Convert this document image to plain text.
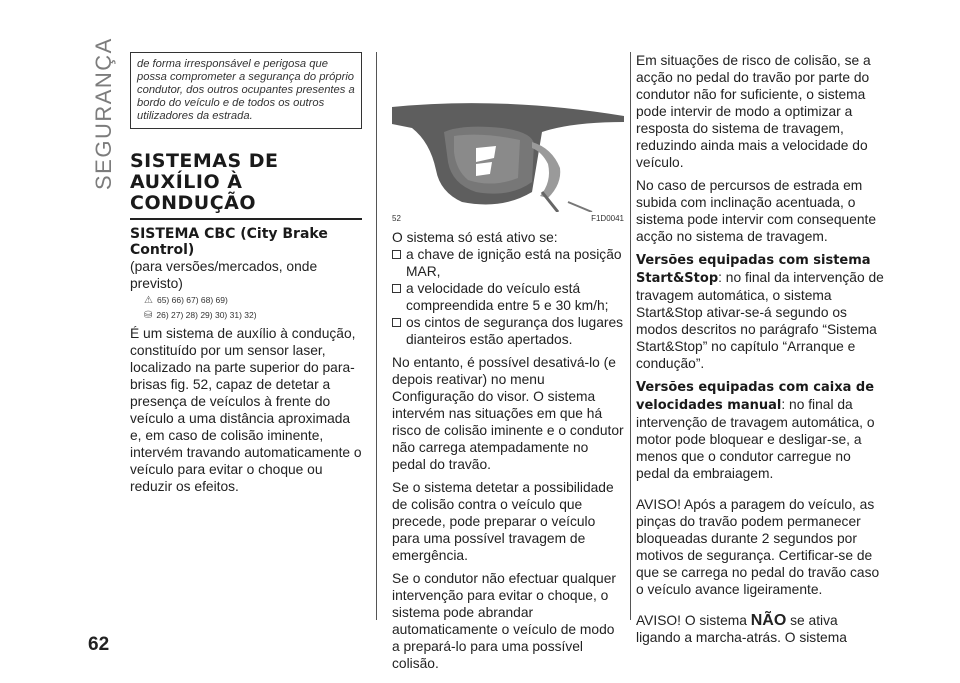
SEGURANÇA
62
de forma irresponsável e perigosa que possa comprometer a segurança do próprio condutor, dos outros ocupantes presentes a bordo do veículo e de todos os outros utilizadores da estrada.
SISTEMAS DE AUXÍLIO À CONDUÇÃO
SISTEMA CBC (City Brake Control)

(para versões/mercados, onde previsto)

⚠ 65) 66) 67) 68) 69)
⛁ 26) 27) 28) 29) 30) 31) 32)

É um sistema de auxílio à condução, constituído por um sensor laser, localizado na parte superior do para-brisas fig. 52, capaz de detetar a presença de veículos à frente do veículo a uma distância aproximada e, em caso de colisão iminente, intervém travando automaticamente o veículo para evitar o choque ou reduzir os efeitos.

52	F1D0041

O sistema só está ativo se:

a chave de ignição está na posição MAR,
a velocidade do veículo está compreendida entre 5 e 30 km/h;
os cintos de segurança dos lugares dianteiros estão apertados.

No entanto, é possível desativá-lo (e depois reativar) no menu Configuração do visor. O sistema intervém nas situações em que há risco de colisão iminente e o condutor não carrega atempadamente no pedal do travão.

Se o sistema detetar a possibilidade de colisão contra o veículo que precede, pode preparar o veículo para uma possível travagem de emergência.

Se o condutor não efectuar qualquer intervenção para evitar o choque, o sistema pode abrandar automaticamente o veículo de modo a prepará-lo para uma possível colisão.

Em situações de risco de colisão, se a acção no pedal do travão por parte do condutor não for suficiente, o sistema pode intervir de modo a optimizar a resposta do sistema de travagem, reduzindo ainda mais a velocidade do veículo.

No caso de percursos de estrada em subida com inclinação acentuada, o sistema pode intervir com consequente acção no sistema de travagem.

Versões equipadas com sistema Start&Stop: no final da intervenção de travagem automática, o sistema Start&Stop ativar-se-á segundo os modos descritos no parágrafo “Sistema Start&Stop” no capítulo “Arranque e condução”.

Versões equipadas com caixa de velocidades manual: no final da intervenção de travagem automática, o motor pode bloquear e desligar-se, a menos que o condutor carregue no pedal da embraiagem.

AVISO! Após a paragem do veículo, as pinças do travão podem permanecer bloqueadas durante 2 segundos por motivos de segurança. Certificar-se de que se carrega no pedal do travão caso o veículo avance ligeiramente.

AVISO! O sistema NÃO se ativa ligando a marcha-atrás. O sistema
